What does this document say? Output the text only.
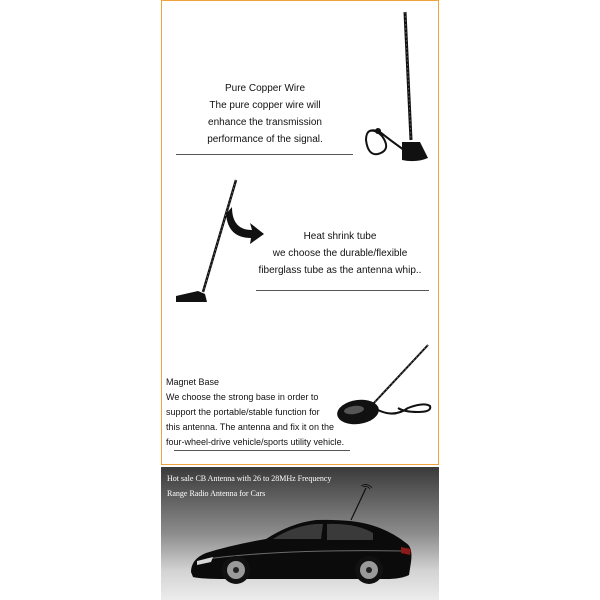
Pure Copper Wire
The pure copper wire will
enhance the transmission
performance of the signal.
Heat shrink tube
we choose the durable/flexible
fiberglass tube as the antenna whip..
Magnet Base
We choose the strong base in order to
support the portable/stable function for
this antenna. The antenna and fix it on the
four-wheel-drive vehicle/sports utility vehicle.
Hot sale CB Antenna with 26 to 28MHz Frequency
Range Radio Antenna for Cars
